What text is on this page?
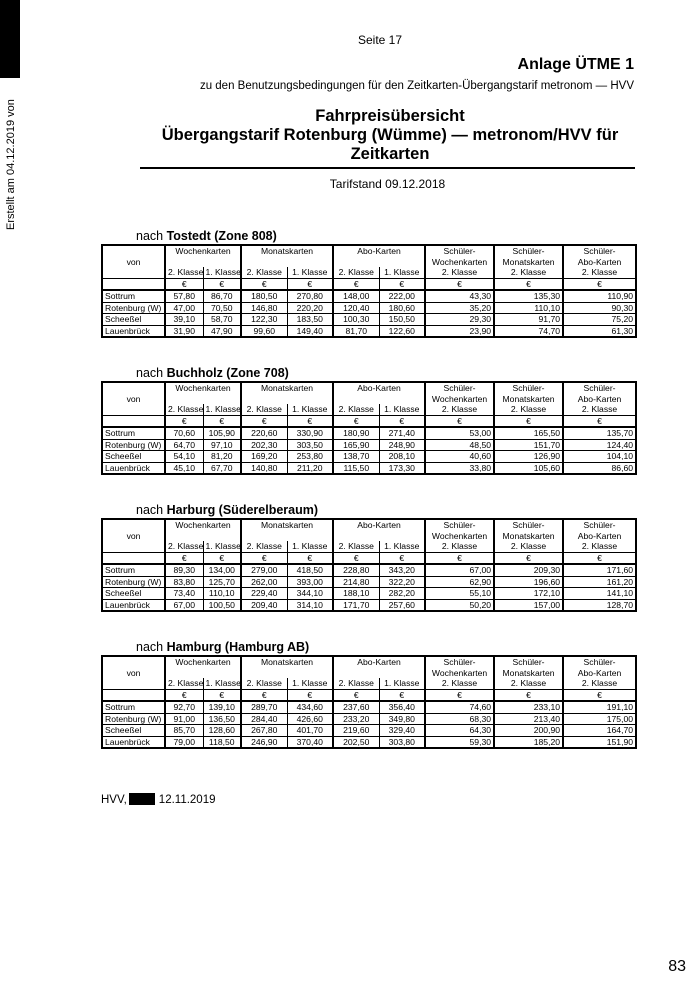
Erstellt am 04.12.2019 von
Seite 17
Anlage ÜTME 1
zu den Benutzungsbedingungen für den Zeitkarten-Übergangstarif metronom — HVV
Fahrpreisübersicht
Übergangstarif Rotenburg (Wümme) — metronom/HVV für
Zeitkarten
Tarifstand 09.12.2018
nach Tostedt (Zone 808)
	Wochenkarten		Monatskarten		Abo-Karten		Schüler-	Schüler-	Schüler-
von							Wochenkarten	Monatskarten	Abo-Karten
	2. Klasse	1. Klasse	2. Klasse	1. Klasse	2. Klasse	1. Klasse	2. Klasse	2. Klasse	2. Klasse
	€	€	€	€	€	€	€	€	€
Sottrum	57,80	86,70	180,50	270,80	148,00	222,00	43,30	135,30	110,90
Rotenburg (W)	47,00	70,50	146,80	220,20	120,40	180,60	35,20	110,10	90,30
Scheeßel	39,10	58,70	122,30	183,50	100,30	150,50	29,30	91,70	75,20
Lauenbrück	31,90	47,90	99,60	149,40	81,70	122,60	23,90	74,70	61,30
nach Buchholz (Zone 708)
	Wochenkarten		Monatskarten		Abo-Karten		Schüler-	Schüler-	Schüler-
von							Wochenkarten	Monatskarten	Abo-Karten
	2. Klasse	1. Klasse	2. Klasse	1. Klasse	2. Klasse	1. Klasse	2. Klasse	2. Klasse	2. Klasse
	€	€	€	€	€	€	€	€	€
Sottrum	70,60	105,90	220,60	330,90	180,90	271,40	53,00	165,50	135,70
Rotenburg (W)	64,70	97,10	202,30	303,50	165,90	248,90	48,50	151,70	124,40
Scheeßel	54,10	81,20	169,20	253,80	138,70	208,10	40,60	126,90	104,10
Lauenbrück	45,10	67,70	140,80	211,20	115,50	173,30	33,80	105,60	86,60
nach Harburg (Süderelberaum)
	Wochenkarten		Monatskarten		Abo-Karten		Schüler-	Schüler-	Schüler-
von							Wochenkarten	Monatskarten	Abo-Karten
	2. Klasse	1. Klasse	2. Klasse	1. Klasse	2. Klasse	1. Klasse	2. Klasse	2. Klasse	2. Klasse
	€	€	€	€	€	€	€	€	€
Sottrum	89,30	134,00	279,00	418,50	228,80	343,20	67,00	209,30	171,60
Rotenburg (W)	83,80	125,70	262,00	393,00	214,80	322,20	62,90	196,60	161,20
Scheeßel	73,40	110,10	229,40	344,10	188,10	282,20	55,10	172,10	141,10
Lauenbrück	67,00	100,50	209,40	314,10	171,70	257,60	50,20	157,00	128,70
nach Hamburg (Hamburg AB)
	Wochenkarten		Monatskarten		Abo-Karten		Schüler-	Schüler-	Schüler-
von							Wochenkarten	Monatskarten	Abo-Karten
	2. Klasse	1. Klasse	2. Klasse	1. Klasse	2. Klasse	1. Klasse	2. Klasse	2. Klasse	2. Klasse
	€	€	€	€	€	€	€	€	€
Sottrum	92,70	139,10	289,70	434,60	237,60	356,40	74,60	233,10	191,10
Rotenburg (W)	91,00	136,50	284,40	426,60	233,20	349,80	68,30	213,40	175,00
Scheeßel	85,70	128,60	267,80	401,70	219,60	329,40	64,30	200,90	164,70
Lauenbrück	79,00	118,50	246,90	370,40	202,50	303,80	59,30	185,20	151,90
HVV,	12.11.2019
83
